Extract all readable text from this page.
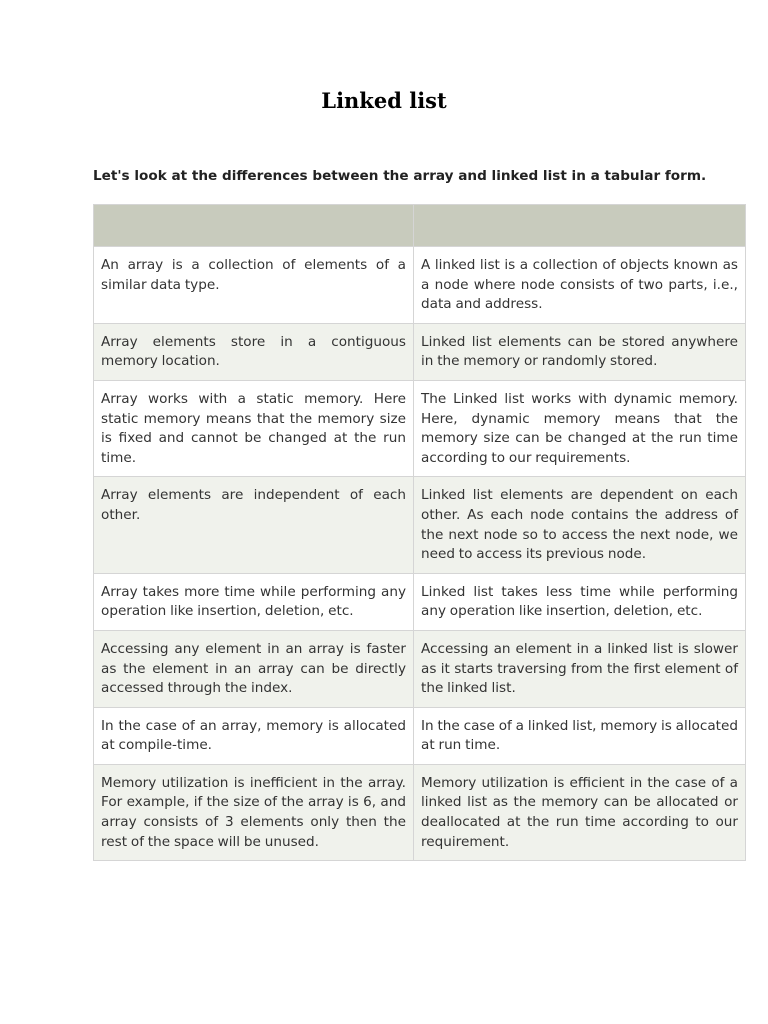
Linked list

Let's look at the differences between the array and linked list in a tabular form.

An array is a collection of elements of a similar data type.	A linked list is a collection of objects known as a node where node consists of two parts, i.e., data and address.
Array elements store in a contiguous memory location.	Linked list elements can be stored anywhere in the memory or randomly stored.
Array works with a static memory. Here static memory means that the memory size is fixed and cannot be changed at the run time.	The Linked list works with dynamic memory. Here, dynamic memory means that the memory size can be changed at the run time according to our requirements.
Array elements are independent of each other.	Linked list elements are dependent on each other. As each node contains the address of the next node so to access the next node, we need to access its previous node.
Array takes more time while performing any operation like insertion, deletion, etc.	Linked list takes less time while performing any operation like insertion, deletion, etc.
Accessing any element in an array is faster as the element in an array can be directly accessed through the index.	Accessing an element in a linked list is slower as it starts traversing from the first element of the linked list.
In the case of an array, memory is allocated at compile-time.	In the case of a linked list, memory is allocated at run time.
Memory utilization is inefficient in the array. For example, if the size of the array is 6, and array consists of 3 elements only then the rest of the space will be unused.	Memory utilization is efficient in the case of a linked list as the memory can be allocated or deallocated at the run time according to our requirement.
